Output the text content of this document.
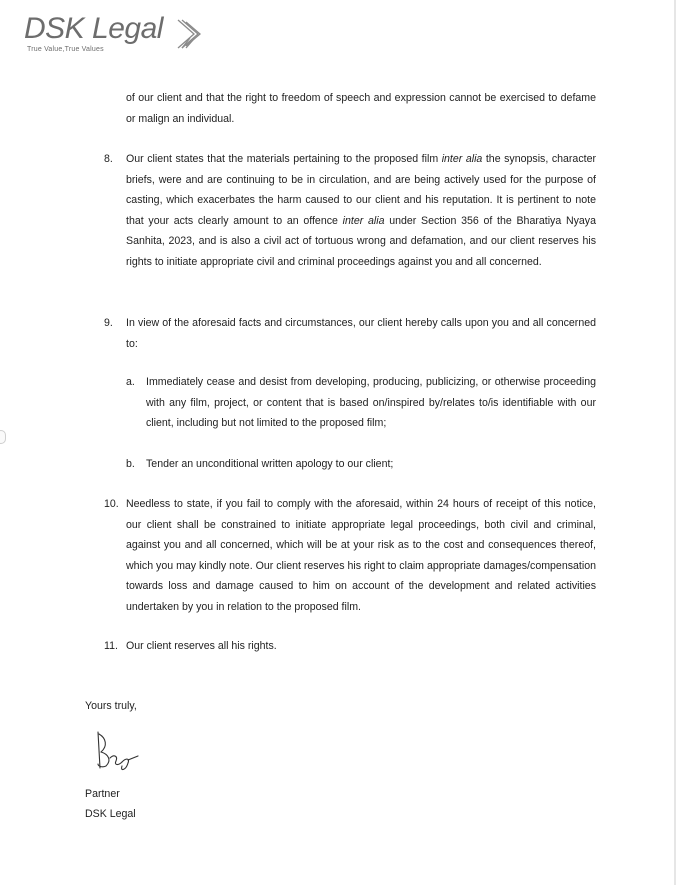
DSK Legal
True Value,True Values
of our client and that the right to freedom of speech and expression cannot be exercised to defame or malign an individual.
8. Our client states that the materials pertaining to the proposed film inter alia the synopsis, character briefs, were and are continuing to be in circulation, and are being actively used for the purpose of casting, which exacerbates the harm caused to our client and his reputation. It is pertinent to note that your acts clearly amount to an offence inter alia under Section 356 of the Bharatiya Nyaya Sanhita, 2023, and is also a civil act of tortuous wrong and defamation, and our client reserves his rights to initiate appropriate civil and criminal proceedings against you and all concerned.
9. In view of the aforesaid facts and circumstances, our client hereby calls upon you and all concerned to:
a. Immediately cease and desist from developing, producing, publicizing, or otherwise proceeding with any film, project, or content that is based on/inspired by/relates to/is identifiable with our client, including but not limited to the proposed film;
b. Tender an unconditional written apology to our client;
10. Needless to state, if you fail to comply with the aforesaid, within 24 hours of receipt of this notice, our client shall be constrained to initiate appropriate legal proceedings, both civil and criminal, against you and all concerned, which will be at your risk as to the cost and consequences thereof, which you may kindly note. Our client reserves his right to claim appropriate damages/compensation towards loss and damage caused to him on account of the development and related activities undertaken by you in relation to the proposed film.
11. Our client reserves all his rights.
Yours truly,
Partner
DSK Legal
